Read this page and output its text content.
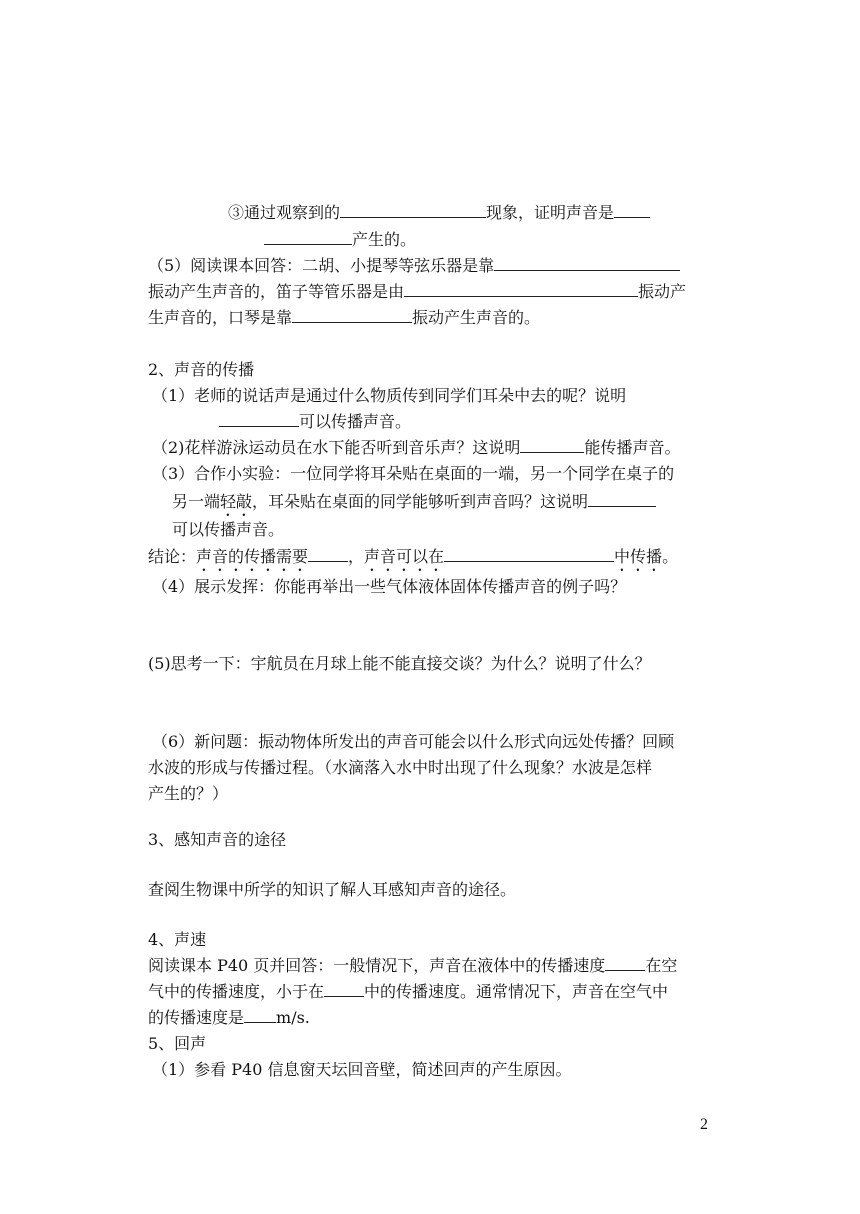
③通过观察到的	现象，证明声音是
产生的。
（5）阅读课本回答：二胡、小提琴等弦乐器是靠
振动产生声音的，笛子等管乐器是由	振动产
生声音的，口琴是靠	振动产生声音的。
2、声音的传播
（1）老师的说话声是通过什么物质传到同学们耳朵中去的呢？说明
可以传播声音。
（2)花样游泳运动员在水下能否听到音乐声？这说明	能传播声音。
（3）合作小实验：一位同学将耳朵贴在桌面的一端，另一个同学在桌子的
另一端轻敲，耳朵贴在桌面的同学能够听到声音吗？这说明
可以传播声音。
结论：声音的传播需要	，声音可以在	中传播。
（4）展示发挥：你能再举出一些气体液体固体传播声音的例子吗？
(5)思考一下：宇航员在月球上能不能直接交谈？为什么？说明了什么？
（6）新问题：振动物体所发出的声音可能会以什么形式向远处传播？回顾
水波的形成与传播过程。（水滴落入水中时出现了什么现象？水波是怎样
产生的？）
3、感知声音的途径
查阅生物课中所学的知识了解人耳感知声音的途径。
4、声速
阅读课本 P40 页并回答：一般情况下，声音在液体中的传播速度	在空
气中的传播速度，小于在	中的传播速度。通常情况下，声音在空气中
的传播速度是 m/s.
5、回声
（1）参看 P40 信息窗天坛回音壁，简述回声的产生原因。
2
